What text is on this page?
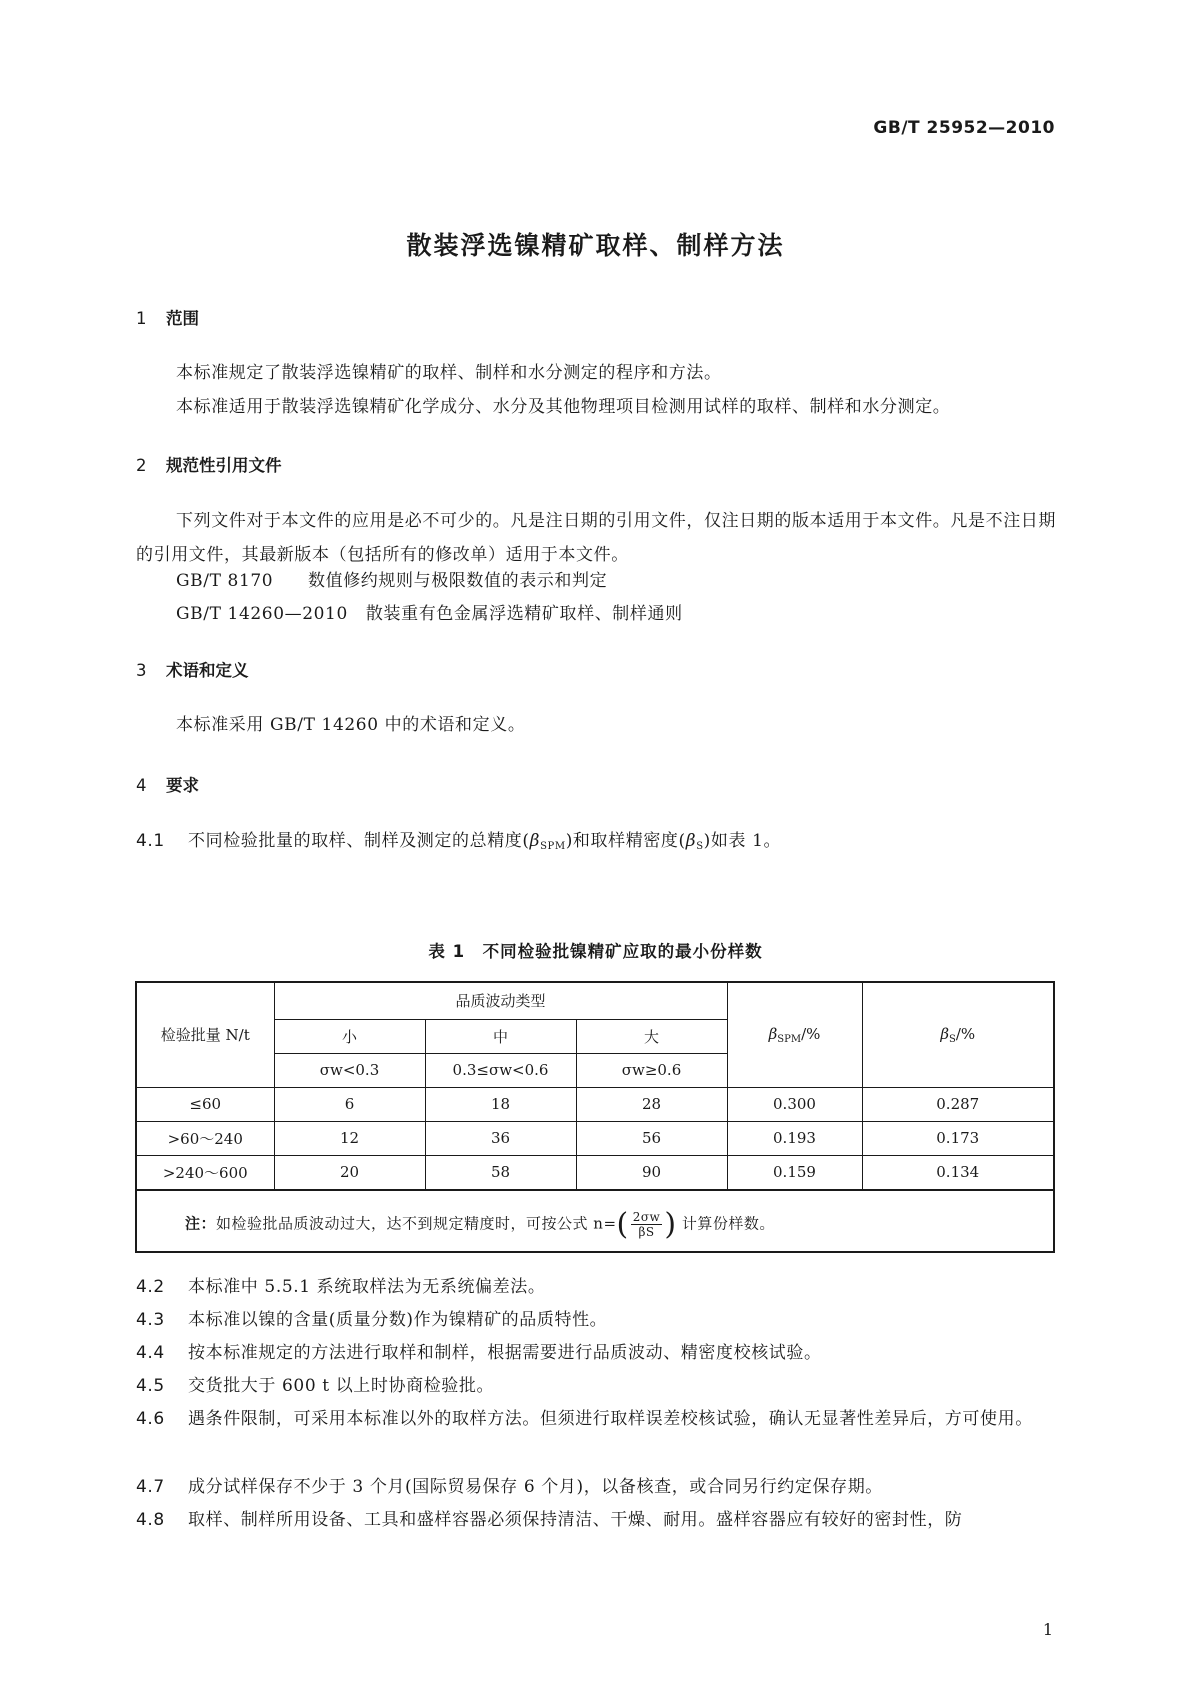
GB/T 25952—2010
散装浮选镍精矿取样、制样方法
1 范围
本标准规定了散装浮选镍精矿的取样、制样和水分测定的程序和方法。
本标准适用于散装浮选镍精矿化学成分、水分及其他物理项目检测用试样的取样、制样和水分测定。
2 规范性引用文件
下列文件对于本文件的应用是必不可少的。凡是注日期的引用文件，仅注日期的版本适用于本文件。凡是不注日期的引用文件，其最新版本（包括所有的修改单）适用于本文件。
GB/T 8170 数值修约规则与极限数值的表示和判定
GB/T 14260—2010 散装重有色金属浮选精矿取样、制样通则
3 术语和定义
本标准采用 GB/T 14260 中的术语和定义。
4 要求
4.1 不同检验批量的取样、制样及测定的总精度$(\beta_{SPM})$和取样精密度$(\beta_S)$如表 1。
表 1　不同检验批镍精矿应取的最小份样数
检验批量 N/t	品质波动类型			$\beta_{SPM}/\%$	$\beta_S/\%$
	小	中	大		
	σw<0.3	0.3≤σw<0.6	σw≥0.6		
≤60	6	18	28	0.300	0.287
>60～240	12	36	56	0.193	0.173
>240～600	20	58	90	0.159	0.134
注：如检验批品质波动过大，达不到规定精度时，可按公式 $n=( \frac{2\sigma w}{\beta S}$ ) 计算份样数。
4.2 本标准中 5.5.1 系统取样法为无系统偏差法。
4.3 本标准以镍的含量(质量分数)作为镍精矿的品质特性。
4.4 按本标准规定的方法进行取样和制样，根据需要进行品质波动、精密度校核试验。
4.5 交货批大于 600 t 以上时协商检验批。
4.6 遇条件限制，可采用本标准以外的取样方法。但须进行取样误差校核试验，确认无显著性差异后，方可使用。
4.7 成分试样保存不少于 3 个月(国际贸易保存 6 个月)，以备核查，或合同另行约定保存期。
4.8 取样、制样所用设备、工具和盛样容器必须保持清洁、干燥、耐用。盛样容器应有较好的密封性，防
1
